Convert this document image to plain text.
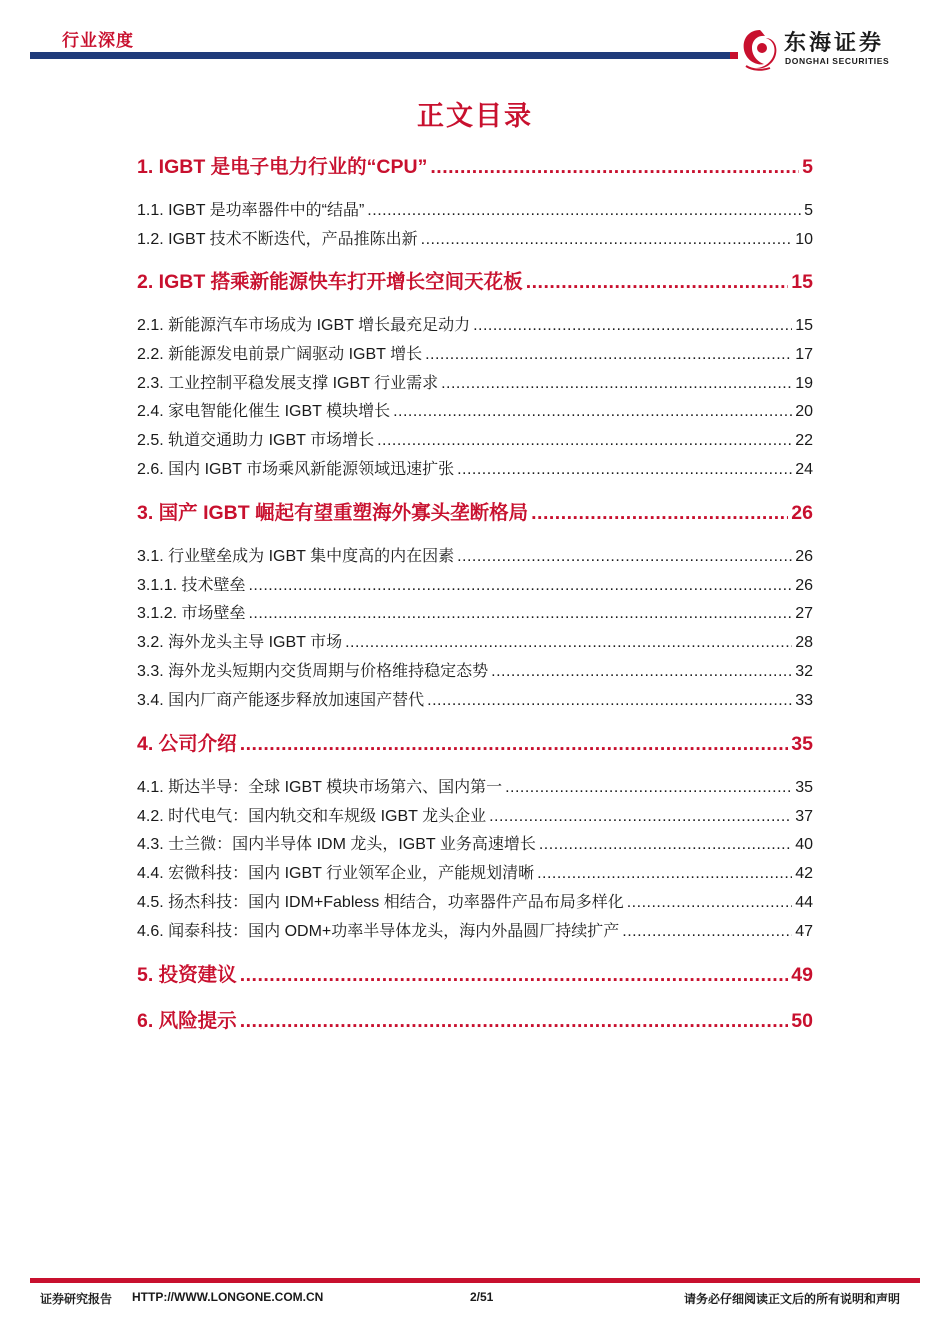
行业深度	东海证券
DONGHAI SECURITIES
正文目录
1. IGBT 是电子电力行业的“CPU” .....	5
1.1. IGBT 是功率器件中的“结晶” .....	5
1.2. IGBT 技术不断迭代，产品推陈出新 .....	10
2. IGBT 搭乘新能源快车打开增长空间天花板 .....	15
2.1. 新能源汽车市场成为 IGBT 增长最充足动力 .....	15
2.2. 新能源发电前景广阔驱动 IGBT 增长 .....	17
2.3. 工业控制平稳发展支撑 IGBT 行业需求 .....	19
2.4. 家电智能化催生 IGBT 模块增长 .....	20
2.5. 轨道交通助力 IGBT 市场增长 .....	22
2.6. 国内 IGBT 市场乘风新能源领域迅速扩张 .....	24
3. 国产 IGBT 崛起有望重塑海外寡头垄断格局 .....	26
3.1. 行业壁垒成为 IGBT 集中度高的内在因素 .....	26
3.1.1. 技术壁垒 .....	26
3.1.2. 市场壁垒 .....	27
3.2. 海外龙头主导 IGBT 市场 .....	28
3.3. 海外龙头短期内交货周期与价格维持稳定态势 .....	32
3.4. 国内厂商产能逐步释放加速国产替代 .....	33
4. 公司介绍 .....	35
4.1. 斯达半导：全球 IGBT 模块市场第六、国内第一 .....	35
4.2. 时代电气：国内轨交和车规级 IGBT 龙头企业 .....	37
4.3. 士兰微：国内半导体 IDM 龙头，IGBT 业务高速增长 .....	40
4.4. 宏微科技：国内 IGBT 行业领军企业，产能规划清晰 .....	42
4.5. 扬杰科技：国内 IDM+Fabless 相结合，功率器件产品布局多样化 .....	44
4.6. 闻泰科技：国内 ODM+功率半导体龙头，海内外晶圆厂持续扩产 .....	47
5. 投资建议 .....	49
6. 风险提示 .....	50
证券研究报告 HTTP://WWW.LONGONE.COM.CN	2/51	请务必仔细阅读正文后的所有说明和声明
